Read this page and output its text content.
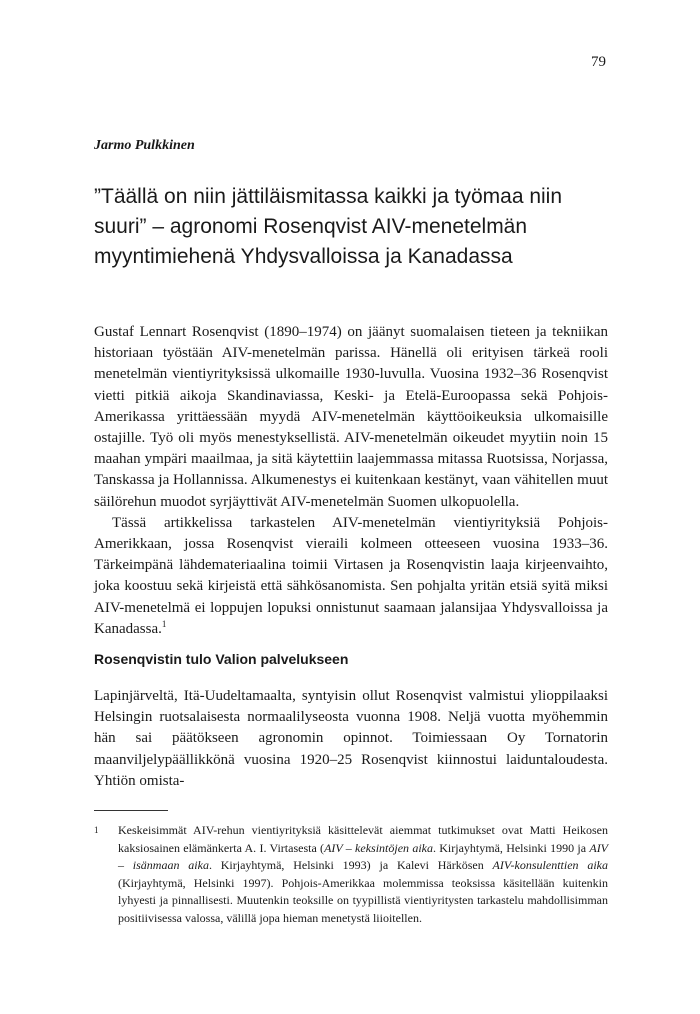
79
Jarmo Pulkkinen
”Täällä on niin jättiläismitassa kaikki ja työmaa niin suuri” – agronomi Rosenqvist AIV-menetelmän myyntimiehenä Yhdysvalloissa ja Kanadassa

Gustaf Lennart Rosenqvist (1890–1974) on jäänyt suomalaisen tieteen ja tekniikan historiaan työstään AIV-menetelmän parissa. Hänellä oli erityisen tärkeä rooli menetelmän vientiyrityksissä ulkomaille 1930-luvulla. Vuosina 1932–36 Rosenqvist vietti pitkiä aikoja Skandinaviassa, Keski- ja Etelä-Euroopassa sekä Pohjois-Amerikassa yrittäessään myydä AIV-menetelmän käyttöoikeuksia ulkomaisille ostajille. Työ oli myös menestyksellistä. AIV-menetelmän oikeudet myytiin noin 15 maahan ympäri maailmaa, ja sitä käytettiin laajemmassa mitassa Ruotsissa, Norjassa, Tanskassa ja Hollannissa. Alkumenestys ei kuitenkaan kestänyt, vaan vähitellen muut säilörehun muodot syrjäyttivät AIV-menetelmän Suomen ulkopuolella.

Tässä artikkelissa tarkastelen AIV-menetelmän vientiyrityksiä Pohjois-Amerikkaan, jossa Rosenqvist vieraili kolmeen otteeseen vuosina 1933–36. Tärkeimpänä lähdemateriaalina toimii Virtasen ja Rosenqvistin laaja kirjeenvaihto, joka koostuu sekä kirjeistä että sähkösanomista. Sen pohjalta yritän etsiä syitä miksi AIV-menetelmä ei loppujen lopuksi onnistunut saamaan jalansijaa Yhdysvalloissa ja Kanadassa.$^1$

Rosenqvistin tulo Valion palvelukseen

Lapinjärveltä, Itä-Uudeltamaalta, syntyisin ollut Rosenqvist valmistui ylioppilaaksi Helsingin ruotsalaisesta normaalilyseosta vuonna 1908. Neljä vuotta myöhemmin hän sai päätökseen agronomin opinnot. Toimiessaan Oy Tornatorin maanviljelypäällikkönä vuosina 1920–25 Rosenqvist kiinnostui laiduntaloudesta. Yhtiön omista-

1 Keskeisimmät AIV-rehun vientiyrityksiä käsittelevät aiemmat tutkimukset ovat Matti Heikosen kaksiosainen elämänkerta A. I. Virtasesta (AIV – keksintöjen aika. Kirjayhtymä, Helsinki 1990 ja AIV – isänmaan aika. Kirjayhtymä, Helsinki 1993) ja Kalevi Härkösen AIV-konsulenttien aika (Kirjayhtymä, Helsinki 1997). Pohjois-Amerikkaa molemmissa teoksissa käsitellään kuitenkin lyhyesti ja pinnallisesti. Muutenkin teoksille on tyypillistä vientiyritysten tarkastelu mahdollisimman positiivisessa valossa, välillä jopa hieman menetystä liioitellen.
